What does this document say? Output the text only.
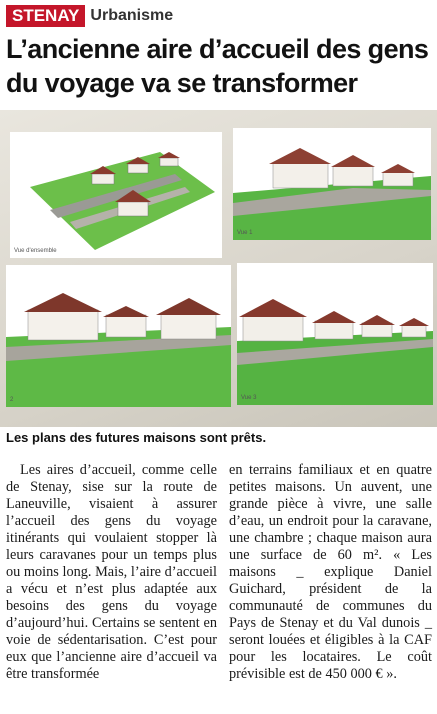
STENAY Urbanisme
L’ancienne aire d’accueil des gens du voyage va se transformer
Vue d'ensemble
Vue 1
2	Vue 3

Les plans des futures maisons sont prêts.

Les aires d’accueil, comme celle de Stenay, sise sur la route de Laneuville, visaient à assurer l’accueil des gens du voyage itinérants qui voulaient stopper là leurs caravanes pour un temps plus ou moins long. Mais, l’aire d’accueil a vécu et n’est plus adaptée aux besoins des gens du voyage d’aujourd’hui. Certains se sentent en voie de sédentarisation. C’est pour eux que l’ancienne aire d’accueil va être transformée

en terrains familiaux et en quatre petites maisons. Un auvent, une grande pièce à vivre, une salle d’eau, un endroit pour la caravane, une chambre ; chaque maison aura une surface de 60 m². « Les maisons _ explique Daniel Guichard, président de la communauté de communes du Pays de Stenay et du Val dunois _ seront louées et éligibles à la CAF pour les locataires. Le coût prévisible est de 450 000 € ».
